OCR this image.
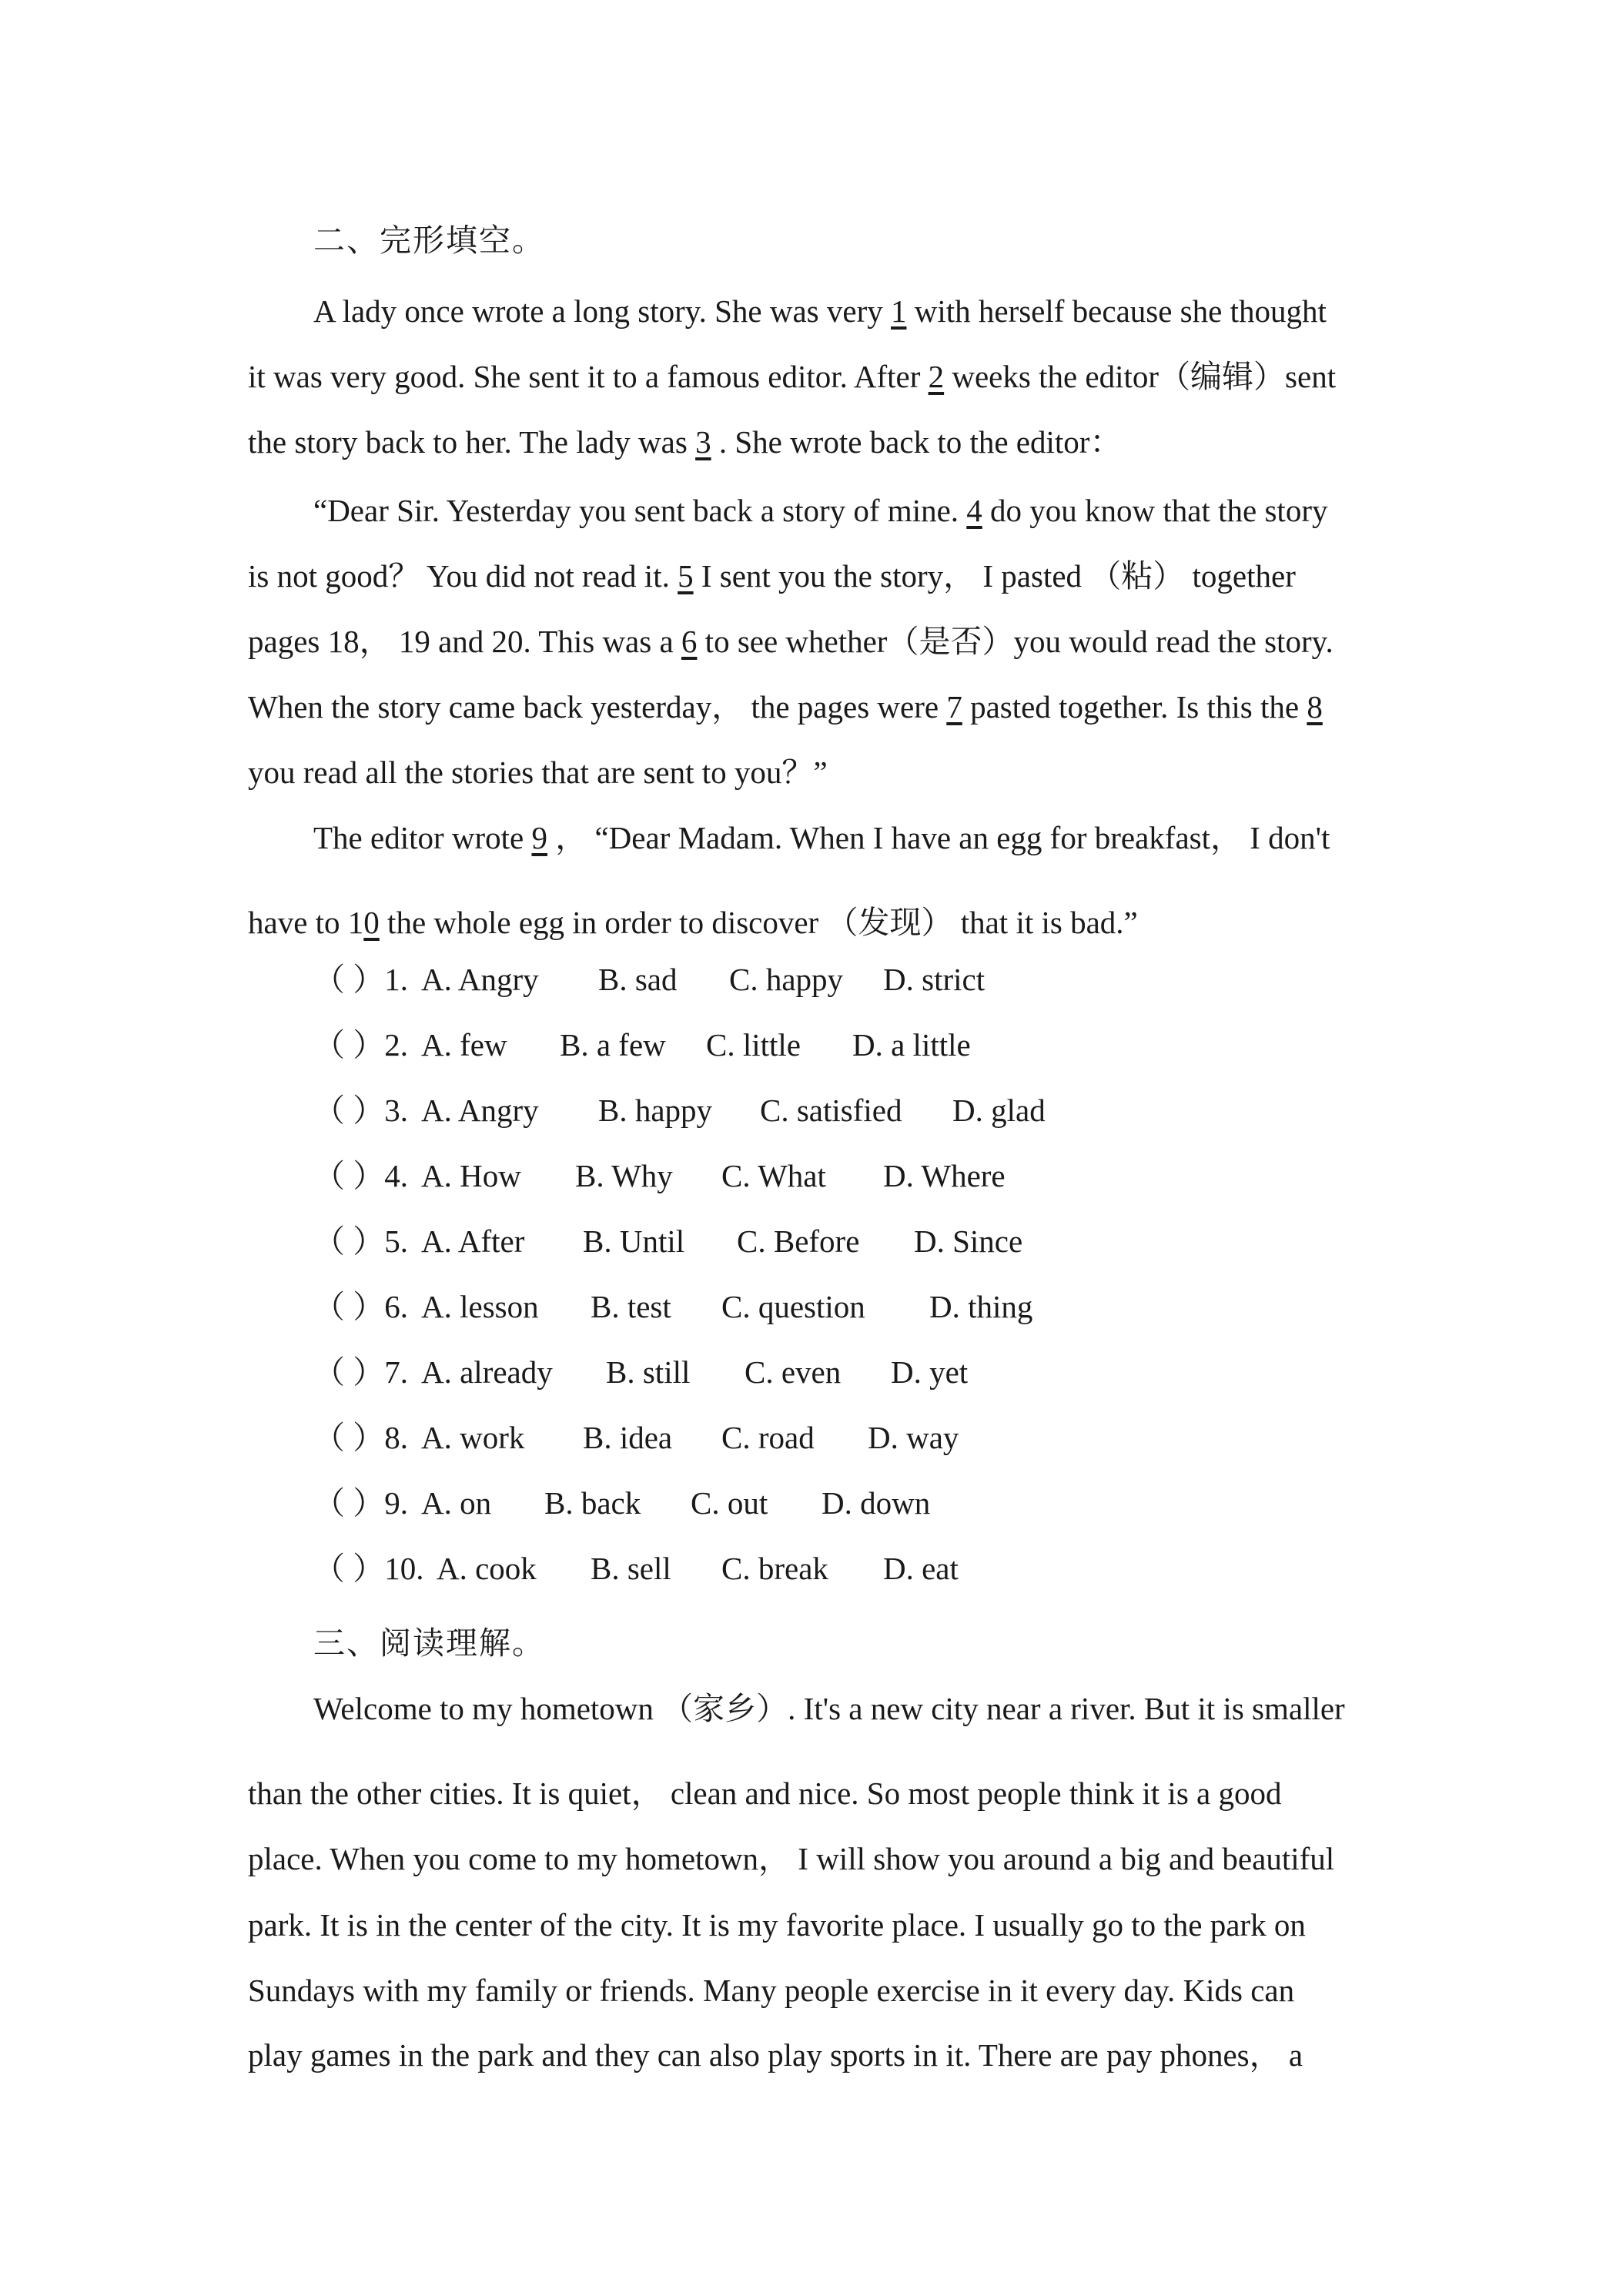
二、完形填空。
A lady once wrote a long story. She was very 1 with herself because she thought
it was very good. She sent it to a famous editor. After 2 weeks the editor（编辑）sent
the story back to her. The lady was 3 . She wrote back to the editor：
“Dear Sir. Yesterday you sent back a story of mine. 4 do you know that the story
is not good？ You did not read it. 5 I sent you the story， I pasted （粘） together
pages 18， 19 and 20. This was a 6 to see whether（是否）you would read the story.
When the story came back yesterday， the pages were 7 pasted together. Is this the 8
you read all the stories that are sent to you？”
The editor wrote 9 ， “Dear Madam. When I have an egg for breakfast， I don't
have to 10 the whole egg in order to discover （发现） that it is bad.”
（ ）1. A. Angry B. sad C. happy D. strict
（ ）2. A. few B. a few C. little D. a little
（ ）3. A. Angry B. happy C. satisfied D. glad
（ ）4. A. How B. Why C. What D. Where
（ ）5. A. After B. Until C. Before D. Since
（ ）6. A. lesson B. test C. question D. thing
（ ）7. A. already B. still C. even D. yet
（ ）8. A. work B. idea C. road D. way
（ ）9. A. on B. back C. out D. down
（ ）10. A. cook B. sell C. break D. eat
三、阅读理解。
Welcome to my hometown （家乡）. It's a new city near a river. But it is smaller
than the other cities. It is quiet， clean and nice. So most people think it is a good
place. When you come to my hometown， I will show you around a big and beautiful
park. It is in the center of the city. It is my favorite place. I usually go to the park on
Sundays with my family or friends. Many people exercise in it every day. Kids can
play games in the park and they can also play sports in it. There are pay phones， a
